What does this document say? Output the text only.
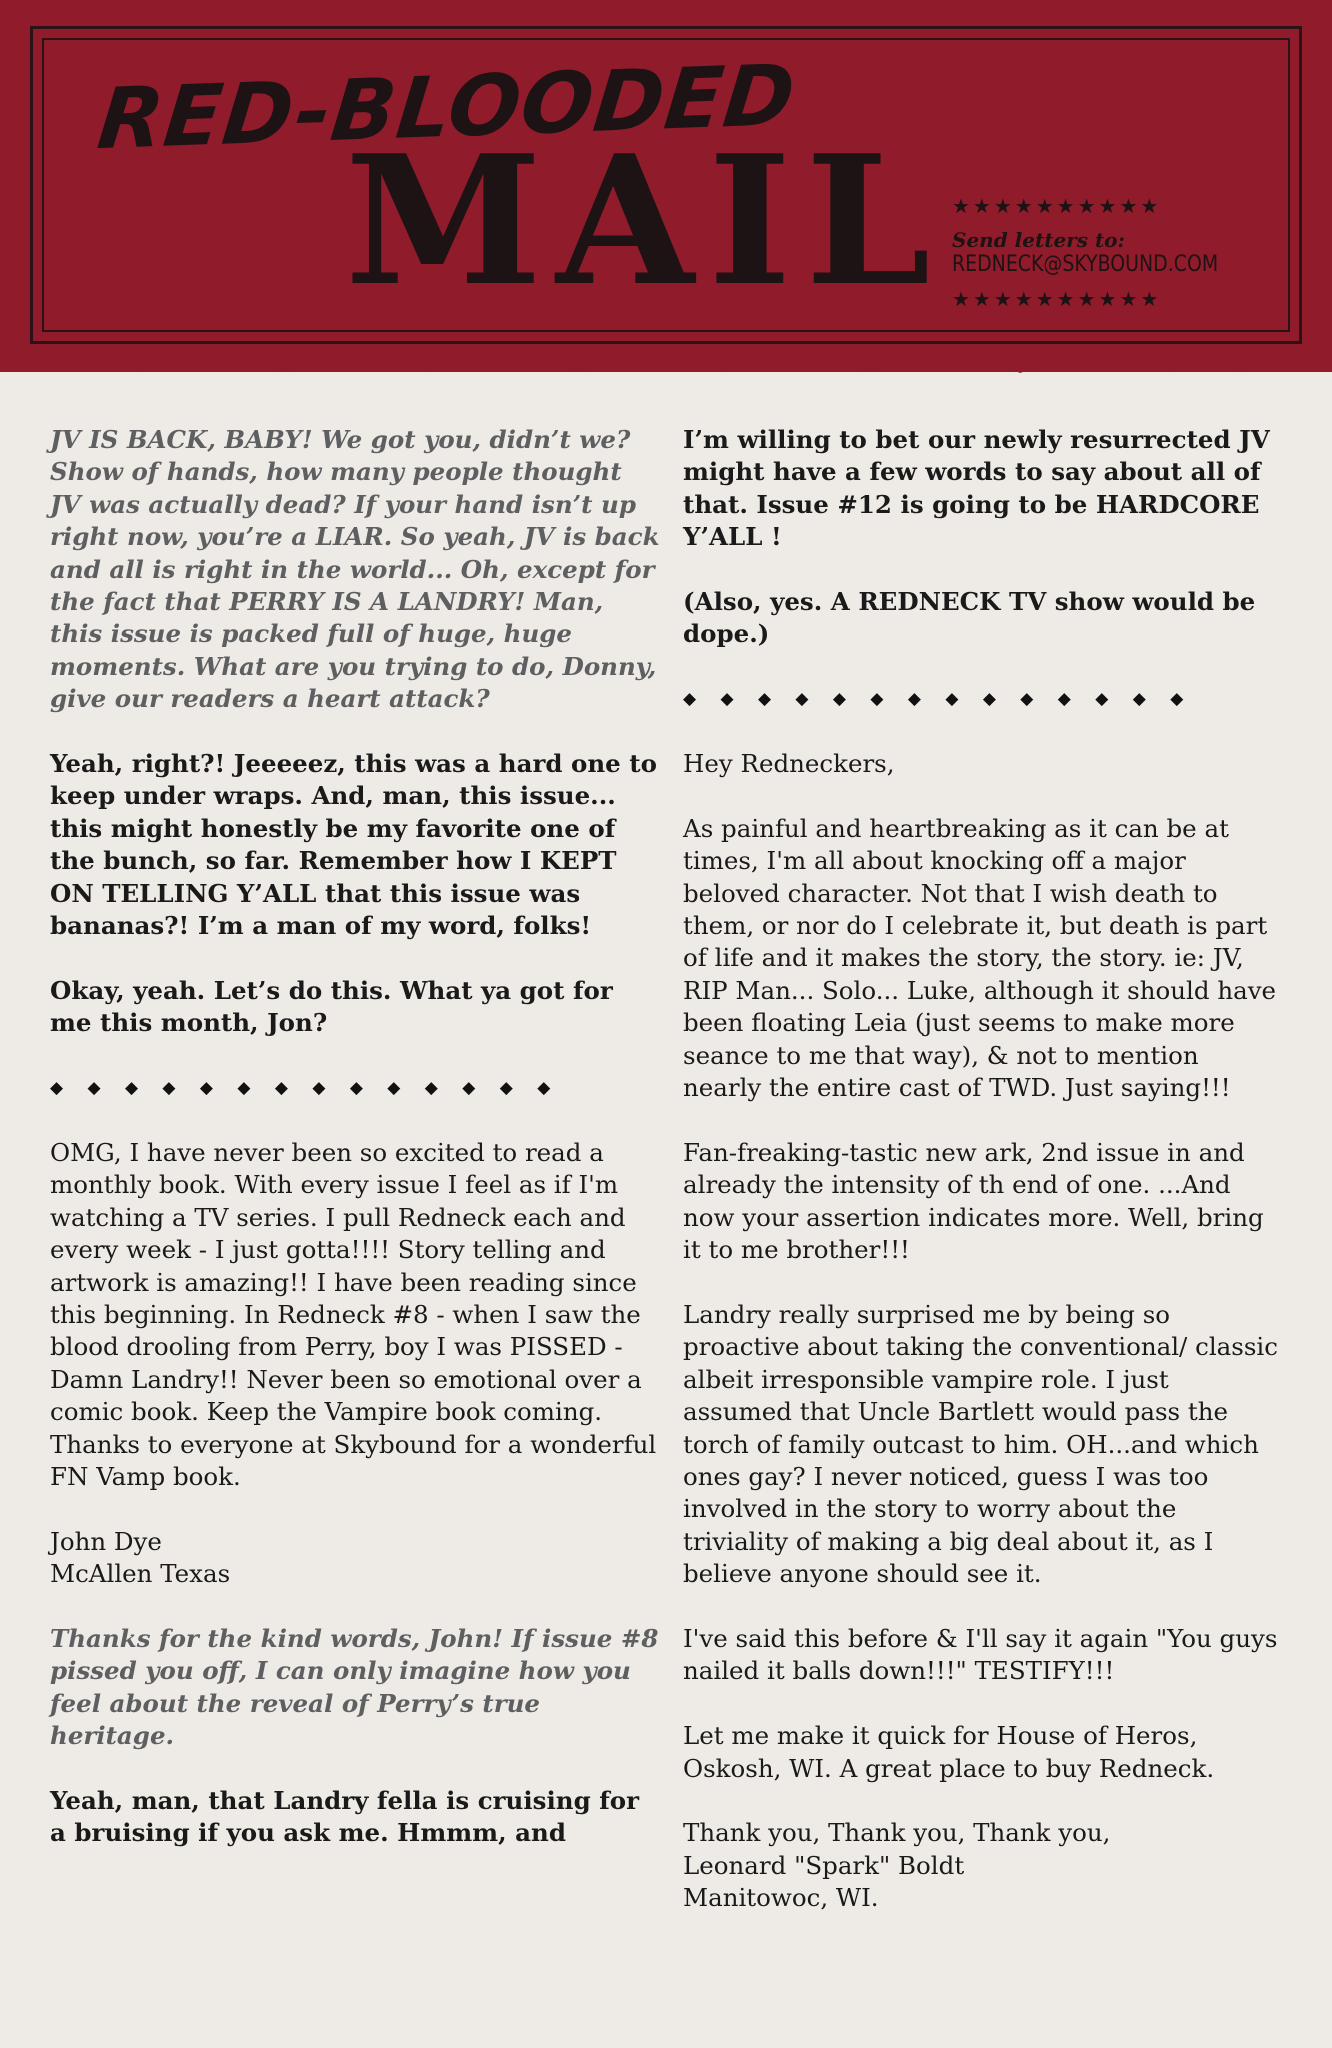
RED-BLOODED
MAIL ★★★★★★★★★★
Send letters to:
REDNECK@SKYBOUND.COM
★★★★★★★★★★

JV IS BACK, BABY! We got you, didn’t we? Show of hands, how many people thought JV was actually dead? If your hand isn’t up right now, you’re a LIAR. So yeah, JV is back and all is right in the world... Oh, except for the fact that PERRY IS A LANDRY! Man, this issue is packed full of huge, huge moments. What are you trying to do, Donny, give our readers a heart attack?

Yeah, right?! Jeeeeez, this was a hard one to keep under wraps. And, man, this issue... this might honestly be my favorite one of the bunch, so far. Remember how I KEPT ON TELLING Y’ALL that this issue was bananas?! I’m a man of my word, folks!

Okay, yeah. Let’s do this. What ya got for me this month, Jon?

◆ ◆ ◆ ◆ ◆ ◆ ◆ ◆ ◆ ◆ ◆ ◆ ◆ ◆

OMG, I have never been so excited to read a monthly book. With every issue I feel as if I'm watching a TV series. I pull Redneck each and every week - I just gotta!!!! Story telling and artwork is amazing!! I have been reading since this beginning. In Redneck #8 - when I saw the blood drooling from Perry, boy I was PISSED - Damn Landry!! Never been so emotional over a comic book. Keep the Vampire book coming. Thanks to everyone at Skybound for a wonderful FN Vamp book.

John Dye
McAllen Texas

Thanks for the kind words, John! If issue #8 pissed you off, I can only imagine how you feel about the reveal of Perry’s true heritage.

Yeah, man, that Landry fella is cruising for a bruising if you ask me. Hmmm, and

I’m willing to bet our newly resurrected JV might have a few words to say about all of that. Issue #12 is going to be HARDCORE Y’ALL !

(Also, yes. A REDNECK TV show would be dope.)

◆ ◆ ◆ ◆ ◆ ◆ ◆ ◆ ◆ ◆ ◆ ◆ ◆ ◆

Hey Redneckers,

As painful and heartbreaking as it can be at times, I'm all about knocking off a major beloved character. Not that I wish death to them, or nor do I celebrate it, but death is part of life and it makes the story, the story. ie: JV, RIP Man... Solo... Luke, although it should have been floating Leia (just seems to make more seance to me that way), & not to mention nearly the entire cast of TWD. Just saying!!!

Fan-freaking-tastic new ark, 2nd issue in and already the intensity of th end of one. ...And now your assertion indicates more. Well, bring it to me brother!!!

Landry really surprised me by being so proactive about taking the conventional/ classic albeit irresponsible vampire role. I just assumed that Uncle Bartlett would pass the torch of family outcast to him. OH...and which ones gay? I never noticed, guess I was too involved in the story to worry about the triviality of making a big deal about it, as I believe anyone should see it.

I've said this before & I'll say it again "You guys nailed it balls down!!!" TESTIFY!!!

Let me make it quick for House of Heros, Oskosh, WI. A great place to buy Redneck.

Thank you, Thank you, Thank you,
Leonard "Spark" Boldt
Manitowoc, WI.
